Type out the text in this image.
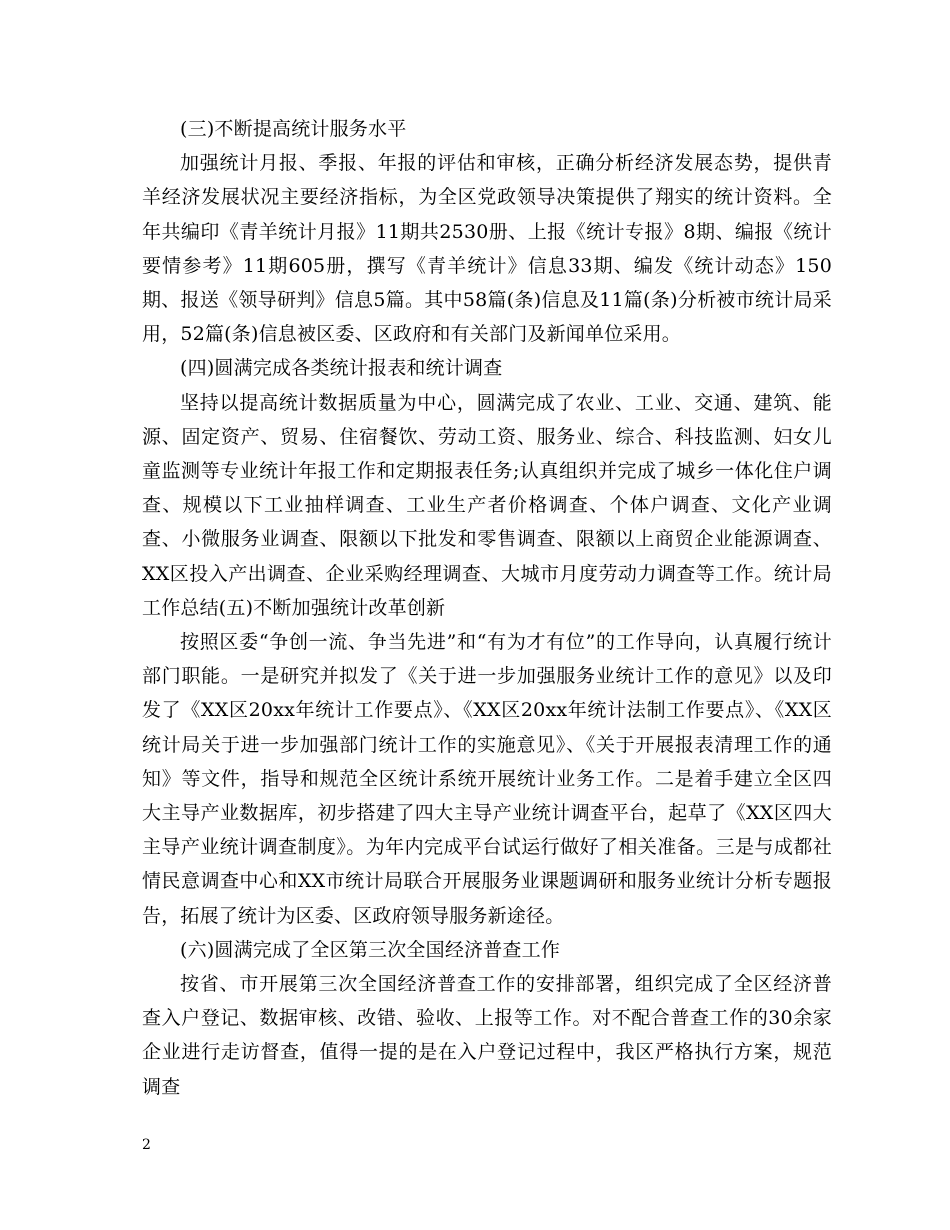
(三)不断提高统计服务水平

加强统计月报、季报、年报的评估和审核，正确分析经济发展态势，提供青羊经济发展状况主要经济指标，为全区党政领导决策提供了翔实的统计资料。全年共编印《青羊统计月报》11期共2530册、上报《统计专报》8期、编报《统计要情参考》11期605册，撰写《青羊统计》信息33期、编发《统计动态》150期、报送《领导研判》信息5篇。其中58篇(条)信息及11篇(条)分析被市统计局采用，52篇(条)信息被区委、区政府和有关部门及新闻单位采用。

(四)圆满完成各类统计报表和统计调查

坚持以提高统计数据质量为中心，圆满完成了农业、工业、交通、建筑、能源、固定资产、贸易、住宿餐饮、劳动工资、服务业、综合、科技监测、妇女儿童监测等专业统计年报工作和定期报表任务;认真组织并完成了城乡一体化住户调查、规模以下工业抽样调查、工业生产者价格调查、个体户调查、文化产业调查、小微服务业调查、限额以下批发和零售调查、限额以上商贸企业能源调查、XX区投入产出调查、企业采购经理调查、大城市月度劳动力调查等工作。统计局工作总结(五)不断加强统计改革创新

按照区委“争创一流、争当先进”和“有为才有位”的工作导向，认真履行统计部门职能。一是研究并拟发了《关于进一步加强服务业统计工作的意见》以及印发了《XX区20xx年统计工作要点》、《XX区20xx年统计法制工作要点》、《XX区统计局关于进一步加强部门统计工作的实施意见》、《关于开展报表清理工作的通知》等文件，指导和规范全区统计系统开展统计业务工作。二是着手建立全区四大主导产业数据库，初步搭建了四大主导产业统计调查平台，起草了《XX区四大主导产业统计调查制度》。为年内完成平台试运行做好了相关准备。三是与成都社情民意调查中心和XX市统计局联合开展服务业课题调研和服务业统计分析专题报告，拓展了统计为区委、区政府领导服务新途径。

(六)圆满完成了全区第三次全国经济普查工作

按省、市开展第三次全国经济普查工作的安排部署，组织完成了全区经济普查入户登记、数据审核、改错、验收、上报等工作。对不配合普查工作的30余家企业进行走访督查，值得一提的是在入户登记过程中，我区严格执行方案，规范调查

2
